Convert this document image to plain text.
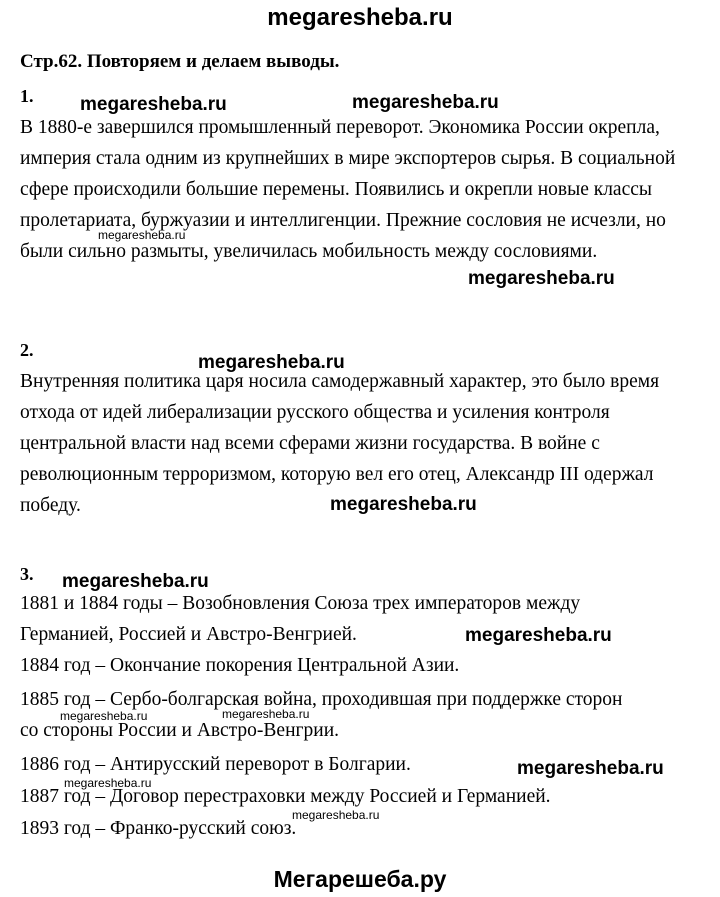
megaresheba.ru
Стр.62. Повторяем и делаем выводы.
1.
В 1880-е завершился промышленный переворот. Экономика России окрепла, империя стала одним из крупнейших в мире экспортеров сырья. В социальной сфере происходили большие перемены. Появились и окрепли новые классы пролетариата, буржуазии и интеллигенции. Прежние сословия не исчезли, но были сильно размыты, увеличилась мобильность между сословиями.
2.
Внутренняя политика царя носила самодержавный характер, это было время отхода от идей либерализации русского общества и усиления контроля центральной власти над всеми сферами жизни государства. В войне с революционным терроризмом, которую вел его отец, Александр III одержал победу.
3.
1881 и 1884 годы – Возобновления Союза трех императоров между
Германией, Россией и Австро-Венгрией.
1884 год – Окончание покорения Центральной Азии.
1885 год – Сербо-болгарская война, проходившая при поддержке сторон
со стороны России и Австро-Венгрии.
1886 год – Антирусский переворот в Болгарии.
1887 год – Договор перестраховки между Россией и Германией.
1893 год – Франко-русский союз.
megaresheba.ru	megaresheba.ru
megaresheba.ru
megaresheba.ru
megaresheba.ru
megaresheba.ru
megaresheba.ru
megaresheba.ru
megaresheba.ru	megaresheba.ru
megaresheba.ru
megaresheba.ru
megaresheba.ru
Мегарешеба.ру
